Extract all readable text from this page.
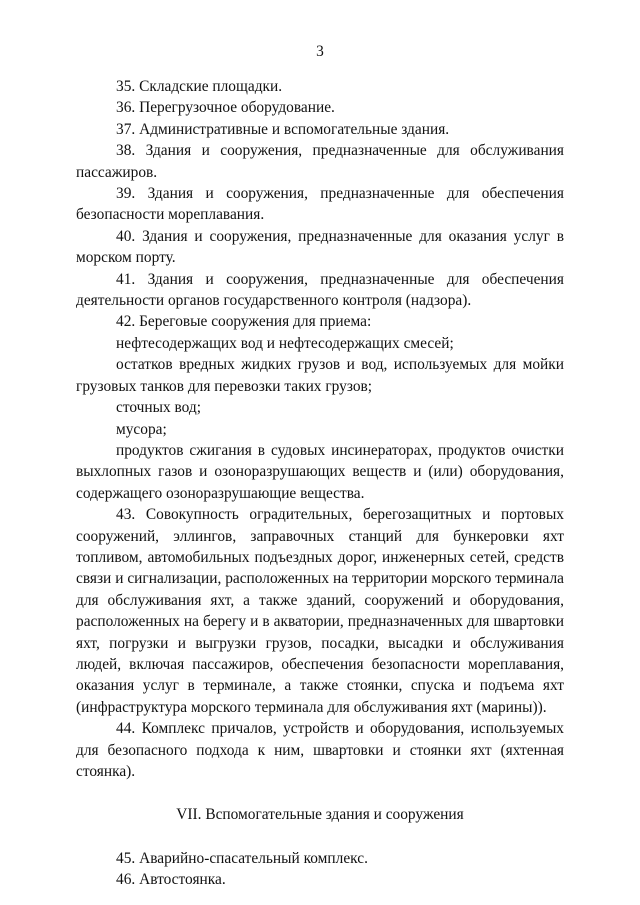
3

35. Складские площадки.

36. Перегрузочное оборудование.

37. Административные и вспомогательные здания.

38. Здания и сооружения, предназначенные для обслуживания пассажиров.

39. Здания и сооружения, предназначенные для обеспечения безопасности мореплавания.

40. Здания и сооружения, предназначенные для оказания услуг в морском порту.

41. Здания и сооружения, предназначенные для обеспечения деятельности органов государственного контроля (надзора).

42. Береговые сооружения для приема:

нефтесодержащих вод и нефтесодержащих смесей;

остатков вредных жидких грузов и вод, используемых для мойки грузовых танков для перевозки таких грузов;

сточных вод;

мусора;

продуктов сжигания в судовых инсинераторах, продуктов очистки выхлопных газов и озоноразрушающих веществ и (или) оборудования, содержащего озоноразрушающие вещества.

43. Совокупность оградительных, берегозащитных и портовых сооружений, эллингов, заправочных станций для бункеровки яхт топливом, автомобильных подъездных дорог, инженерных сетей, средств связи и сигнализации, расположенных на территории морского терминала для обслуживания яхт, а также зданий, сооружений и оборудования, расположенных на берегу и в акватории, предназначенных для швартовки яхт, погрузки и выгрузки грузов, посадки, высадки и обслуживания людей, включая пассажиров, обеспечения безопасности мореплавания, оказания услуг в терминале, а также стоянки, спуска и подъема яхт (инфраструктура морского терминала для обслуживания яхт (марины)).

44. Комплекс причалов, устройств и оборудования, используемых для безопасного подхода к ним, швартовки и стоянки яхт (яхтенная стоянка).

VII. Вспомогательные здания и сооружения

45. Аварийно-спасательный комплекс.

46. Автостоянка.
